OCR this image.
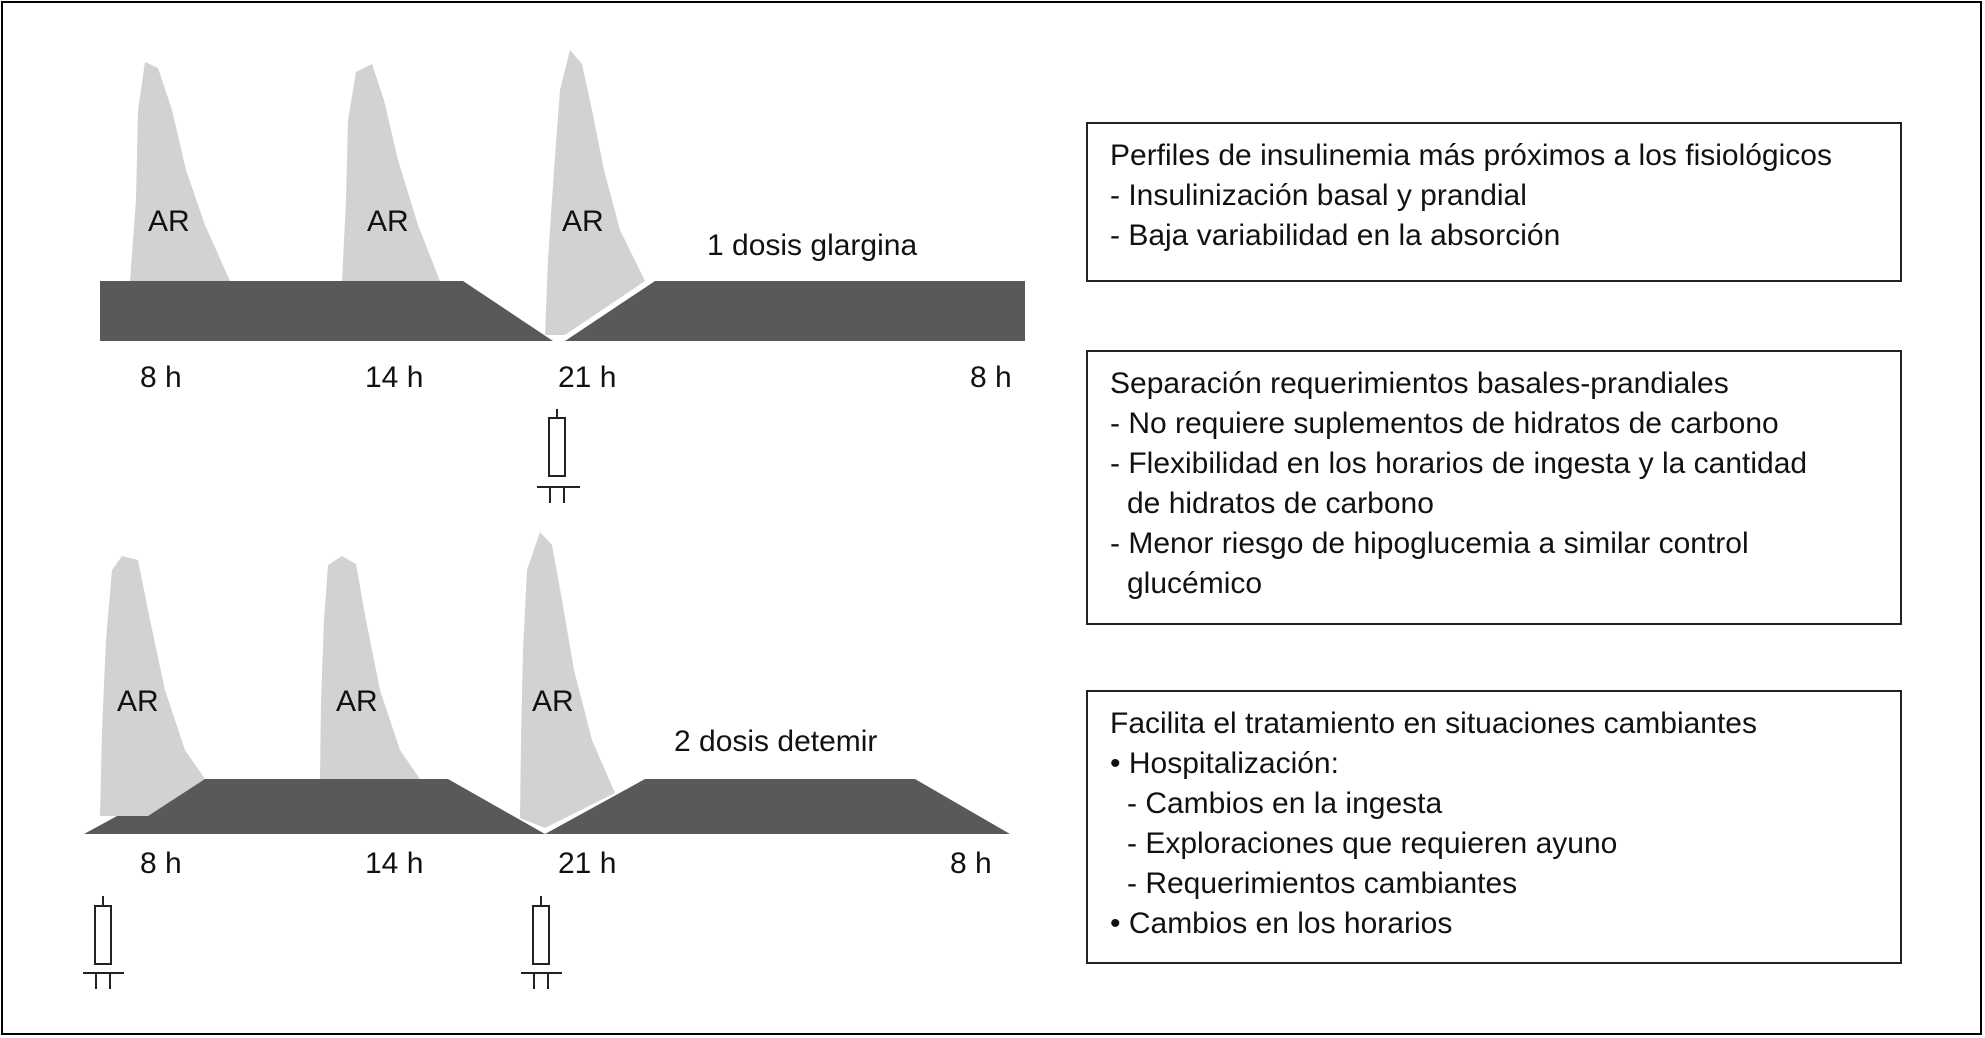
AR	AR	AR
1 dosis glargina
8 h	14 h	21 h	8 h
AR	AR	AR
2 dosis detemir
8 h	14 h	21 h	8 h
Perfiles de insulinemia más próximos a los fisiológicos
- Insulinización basal y prandial
- Baja variabilidad en la absorción
Separación requerimientos basales-prandiales
- No requiere suplementos de hidratos de carbono
- Flexibilidad en los horarios de ingesta y la cantidad
de hidratos de carbono
- Menor riesgo de hipoglucemia a similar control
glucémico
Facilita el tratamiento en situaciones cambiantes
• Hospitalización:
- Cambios en la ingesta
- Exploraciones que requieren ayuno
- Requerimientos cambiantes
• Cambios en los horarios
